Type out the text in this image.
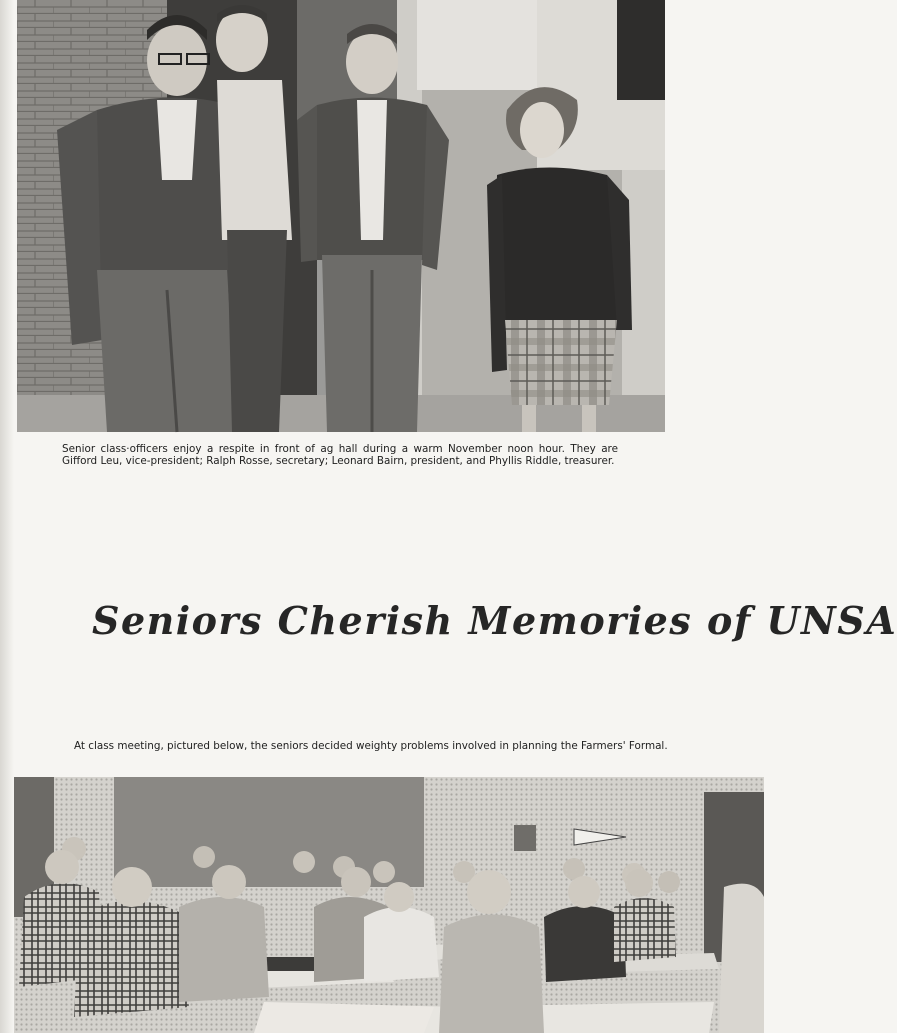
Senior class·officers enjoy a respite in front of ag hall during a warm November noon hour. They are Gifford Leu, vice-president; Ralph Rosse, secretary; Leonard Bairn, president, and Phyllis Riddle, treasurer.

Seniors Cherish Memories of UNSA

At class meeting, pictured below, the seniors decided weighty problems involved in planning the Farmers' Formal.
